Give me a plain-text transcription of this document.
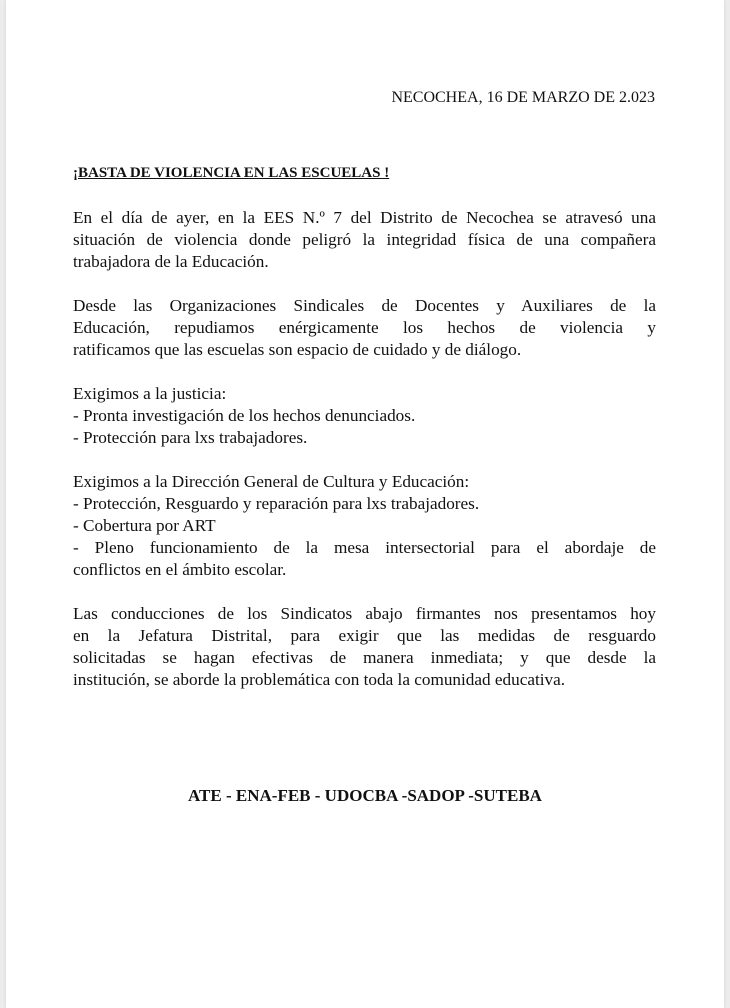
NECOCHEA, 16 DE MARZO DE 2.023
¡BASTA DE VIOLENCIA EN LAS ESCUELAS !

En el día de ayer, en la EES N.º 7 del Distrito de Necochea se atravesó una
situación de violencia donde peligró la integridad física de una compañera
trabajadora de la Educación.

Desde las Organizaciones Sindicales de Docentes y Auxiliares de la
Educación, repudiamos enérgicamente los hechos de violencia y
ratificamos que las escuelas son espacio de cuidado y de diálogo.

Exigimos a la justicia:
- Pronta investigación de los hechos denunciados.
- Protección para lxs trabajadores.

Exigimos a la Dirección General de Cultura y Educación:
- Protección, Resguardo y reparación para lxs trabajadores.
- Cobertura por ART
- Pleno funcionamiento de la mesa intersectorial para el abordaje de
conflictos en el ámbito escolar.

Las conducciones de los Sindicatos abajo firmantes nos presentamos hoy
en la Jefatura Distrital, para exigir que las medidas de resguardo
solicitadas se hagan efectivas de manera inmediata; y que desde la
institución, se aborde la problemática con toda la comunidad educativa.

ATE - ENA-FEB - UDOCBA -SADOP -SUTEBA
